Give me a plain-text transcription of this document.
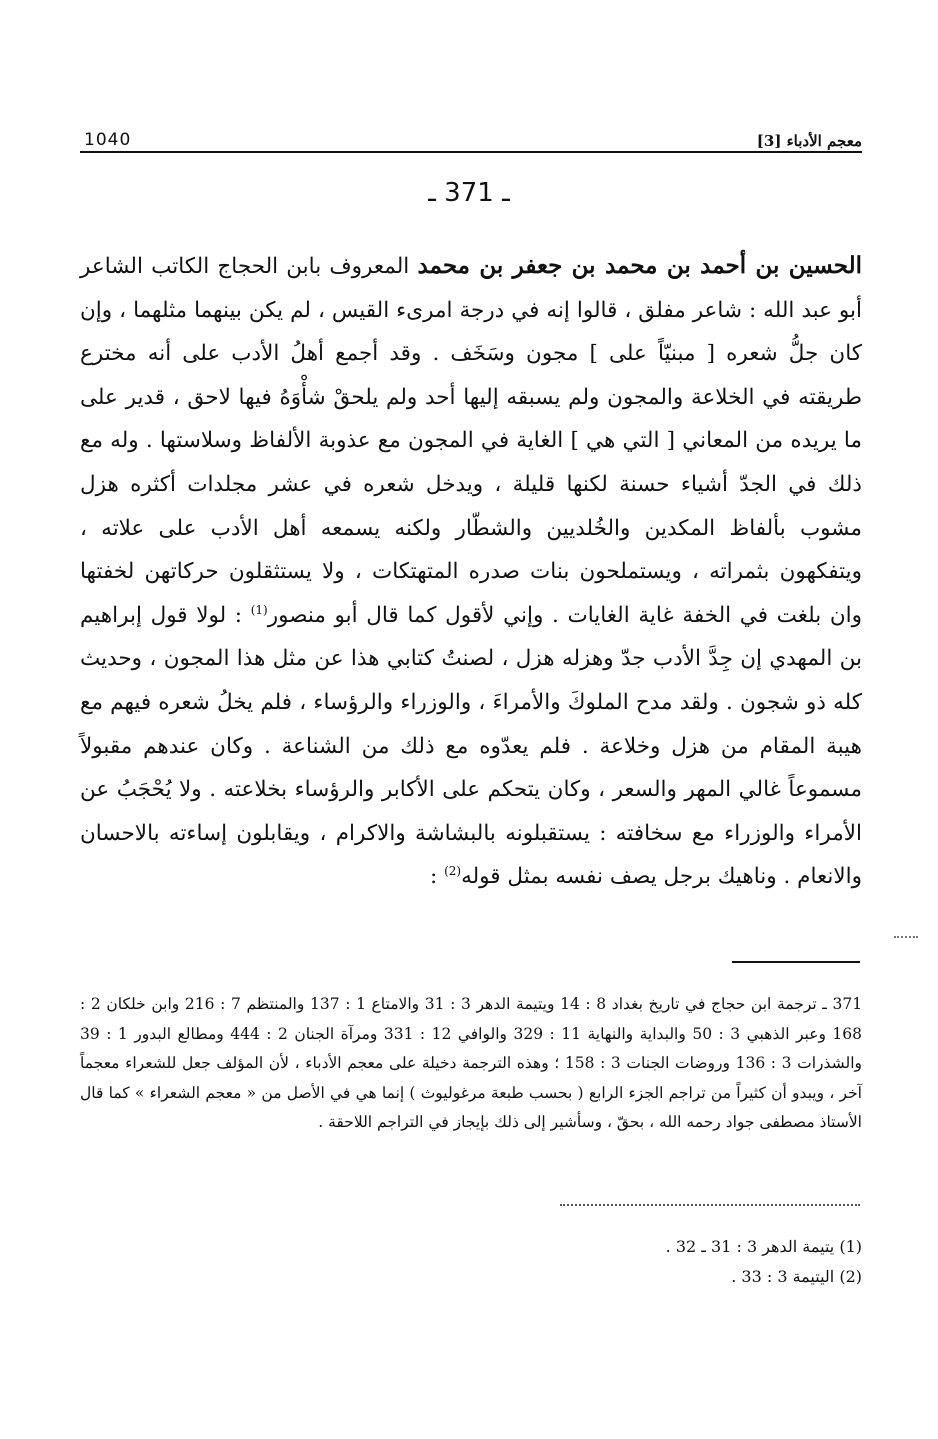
1040	معجم الأدباء [3]
ـ 371 ـ
الحسين بن أحمد بن محمد بن جعفر بن محمد المعروف بابن الحجاج الكاتب الشاعر أبو عبد الله : شاعر مفلق ، قالوا إنه في درجة امرىء القيس ، لم يكن بينهما مثلهما ، وإن كان جلُّ شعره [ مبنيّاً على ] مجون وسَخَف . وقد أجمع أهلُ الأدب على أنه مخترع طريقته في الخلاعة والمجون ولم يسبقه إليها أحد ولم يلحقْ شأْوَهُ فيها لاحق ، قدير على ما يريده من المعاني [ التي هي ] الغاية في المجون مع عذوبة الألفاظ وسلاستها . وله مع ذلك في الجدّ أشياء حسنة لكنها قليلة ، ويدخل شعره في عشر مجلدات أكثره هزل مشوب بألفاظ المكدين والخُلديين والشطّار ولكنه يسمعه أهل الأدب على علاته ، ويتفكهون بثمراته ، ويستملحون بنات صدره المتهتكات ، ولا يستثقلون حركاتهن لخفتها وان بلغت في الخفة غاية الغايات . وإني لأقول كما قال أبو منصور$^{(1)}$ : لولا قول إبراهيم بن المهدي إن جِدَّ الأدب جدّ وهزله هزل ، لصنتُ كتابي هذا عن مثل هذا المجون ، وحديث كله ذو شجون . ولقد مدح الملوكَ والأمراءَ ، والوزراء والرؤساء ، فلم يخلُ شعره فيهم مع هيبة المقام من هزل وخلاعة . فلم يعدّوه مع ذلك من الشناعة . وكان عندهم مقبولاً مسموعاً غالي المهر والسعر ، وكان يتحكم على الأكابر والرؤساء بخلاعته . ولا يُحْجَبُ عن الأمراء والوزراء مع سخافته : يستقبلونه بالبشاشة والاكرام ، ويقابلون إساءته بالاحسان والانعام . وناهيك برجل يصف نفسه بمثل قوله$^{(2)}$ :
371 ـ ترجمة ابن حجاج في تاريخ بغداد 8 : 14 ويتيمة الدهر 3 : 31 والامتاع 1 : 137 والمنتظم 7 : 216 وابن خلكان 2 : 168 وعبر الذهبي 3 : 50 والبداية والنهاية 11 : 329 والوافي 12 : 331 ومرآة الجنان 2 : 444 ومطالع البدور 1 : 39 والشذرات 3 : 136 وروضات الجنات 3 : 158 ؛ وهذه الترجمة دخيلة على معجم الأدباء ، لأن المؤلف جعل للشعراء معجماً آخر ، ويبدو أن كثيراً من تراجم الجزء الرابع ( بحسب طبعة مرغوليوث ) إنما هي في الأصل من « معجم الشعراء » كما قال الأستاذ مصطفى جواد رحمه الله ، بحقّ ، وسأشير إلى ذلك بإيجاز في التراجم اللاحقة .
(1) يتيمة الدهر 3 : 31 ـ 32 .
(2) اليتيمة 3 : 33 .
